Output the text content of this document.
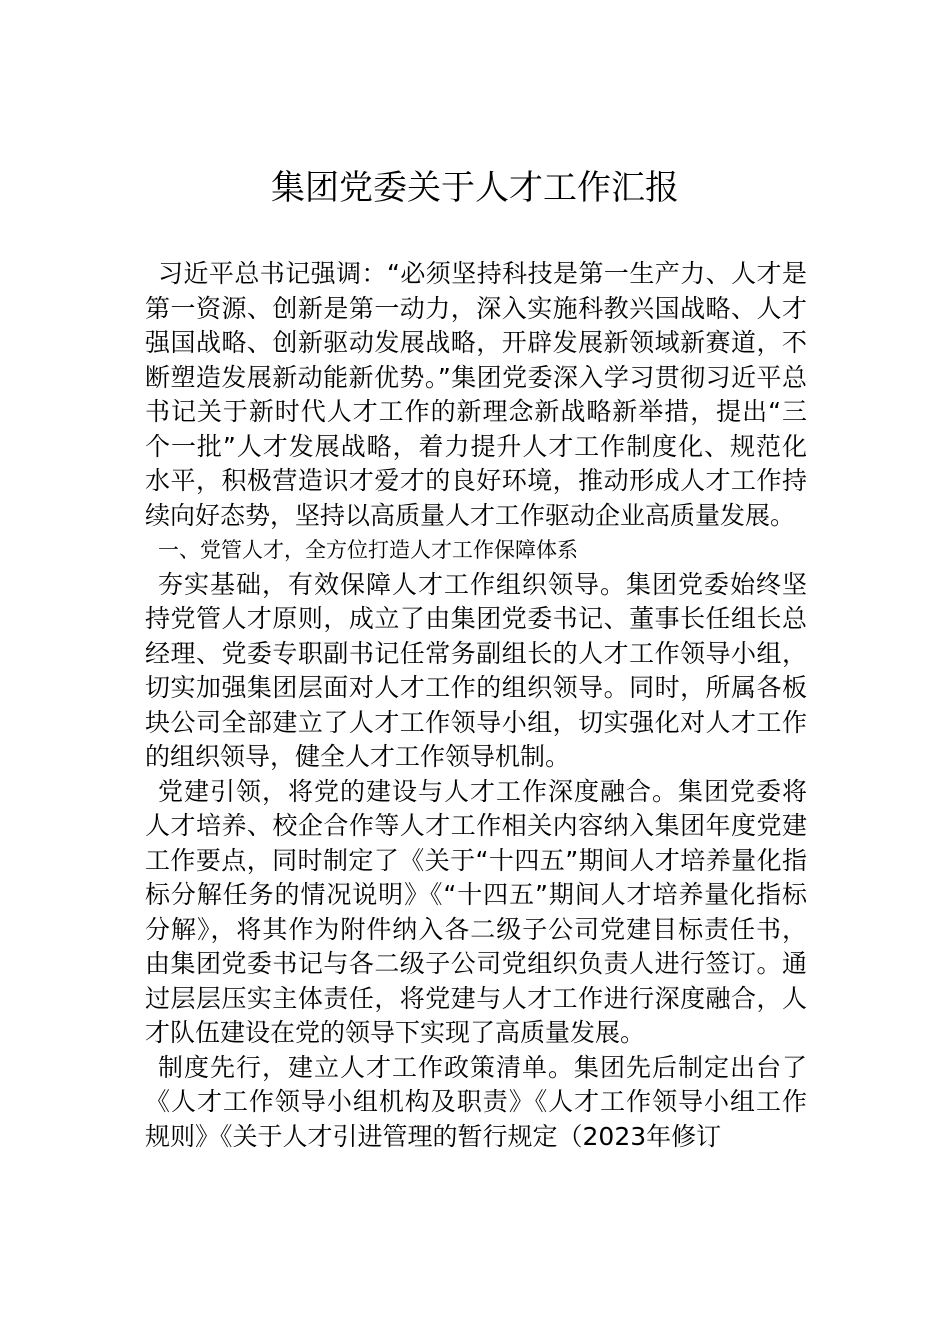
集团党委关于人才工作汇报

习近平总书记强调：“必须坚持科技是第一生产力、人才是第一资源、创新是第一动力，深入实施科教兴国战略、人才强国战略、创新驱动发展战略，开辟发展新领域新赛道，不断塑造发展新动能新优势。”集团党委深入学习贯彻习近平总书记关于新时代人才工作的新理念新战略新举措，提出“三个一批”人才发展战略，着力提升人才工作制度化、规范化水平，积极营造识才爱才的良好环境，推动形成人才工作持续向好态势，坚持以高质量人才工作驱动企业高质量发展。

一、党管人才，全方位打造人才工作保障体系

夯实基础，有效保障人才工作组织领导。集团党委始终坚持党管人才原则，成立了由集团党委书记、董事长任组长总经理、党委专职副书记任常务副组长的人才工作领导小组，切实加强集团层面对人才工作的组织领导。同时，所属各板块公司全部建立了人才工作领导小组，切实强化对人才工作的组织领导，健全人才工作领导机制。

党建引领，将党的建设与人才工作深度融合。集团党委将人才培养、校企合作等人才工作相关内容纳入集团年度党建工作要点，同时制定了《关于“十四五”期间人才培养量化指标分解任务的情况说明》《“十四五”期间人才培养量化指标分解》，将其作为附件纳入各二级子公司党建目标责任书，由集团党委书记与各二级子公司党组织负责人进行签订。通过层层压实主体责任，将党建与人才工作进行深度融合，人才队伍建设在党的领导下实现了高质量发展。

制度先行，建立人才工作政策清单。集团先后制定出台了《人才工作领导小组机构及职责》《人才工作领导小组工作规则》《关于人才引进管理的暂行规定（2023年修订
